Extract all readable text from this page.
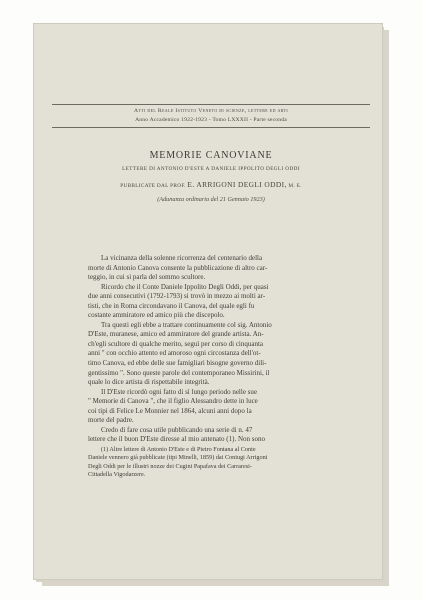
Atti del Reale Istituto Veneto di scienze, lettere ed arti
Anno Accademico 1922-1923 - Tomo LXXXII - Parte seconda
MEMORIE CANOVIANE
LETTERE DI ANTONIO D'ESTE A DANIELE IPPOLITO DEGLI ODDI
PUBBLICATE DAL PROF. E. ARRIGONI DEGLI ODDI, M. E.
(Adunanza ordinaria del 21 Gennaio 1923)
La vicinanza della solenne ricorrenza del centenario della
morte di Antonio Canova consente la pubblicazione di altro car-
teggio, in cui si parla del sommo scultore.
Ricordo che il Conte Daniele Ippolito Degli Oddi, per quasi
due anni consecutivi (1792-1793) si trovò in mezzo ai molti ar-
tisti, che in Roma circondavano il Canova, del quale egli fu
costante ammiratore ed amico più che discepolo.
Tra questi egli ebbe a trattare continuamente col sig. Antonio
D'Este, muranese, amico ed ammiratore del grande artista. An-
ch'egli scultore di qualche merito, seguì per corso di cinquanta
anni " con occhio attento ed amoroso ogni circostanza dell'ot-
timo Canova, ed ebbe delle sue famigliari bisogne governo dili-
gentissimo ". Sono queste parole del contemporaneo Missirini, il
quale lo dice artista di rispettabile integrità.
Il D'Este ricordò ogni fatto di sì lungo periodo nelle sue
" Memorie di Canova ", che il figlio Alessandro dette in luce
coi tipi di Felice Le Monnier nel 1864, alcuni anni dopo la
morte del padre.
Credo di fare cosa utile pubblicando una serie di n. 47
lettere che il buon D'Este diresse al mio antenato (1). Non sono
(1) Altre lettere di Antonio D'Este e di Pietro Fontana al Conte
Daniele vennero già pubblicate (tipi Minelli, 1859) dai Coniugi Arrigoni
Degli Oddi per le illustri nozze dei Cugini Papafava dei Carraresi-
Cittadella Vigodarzere.
